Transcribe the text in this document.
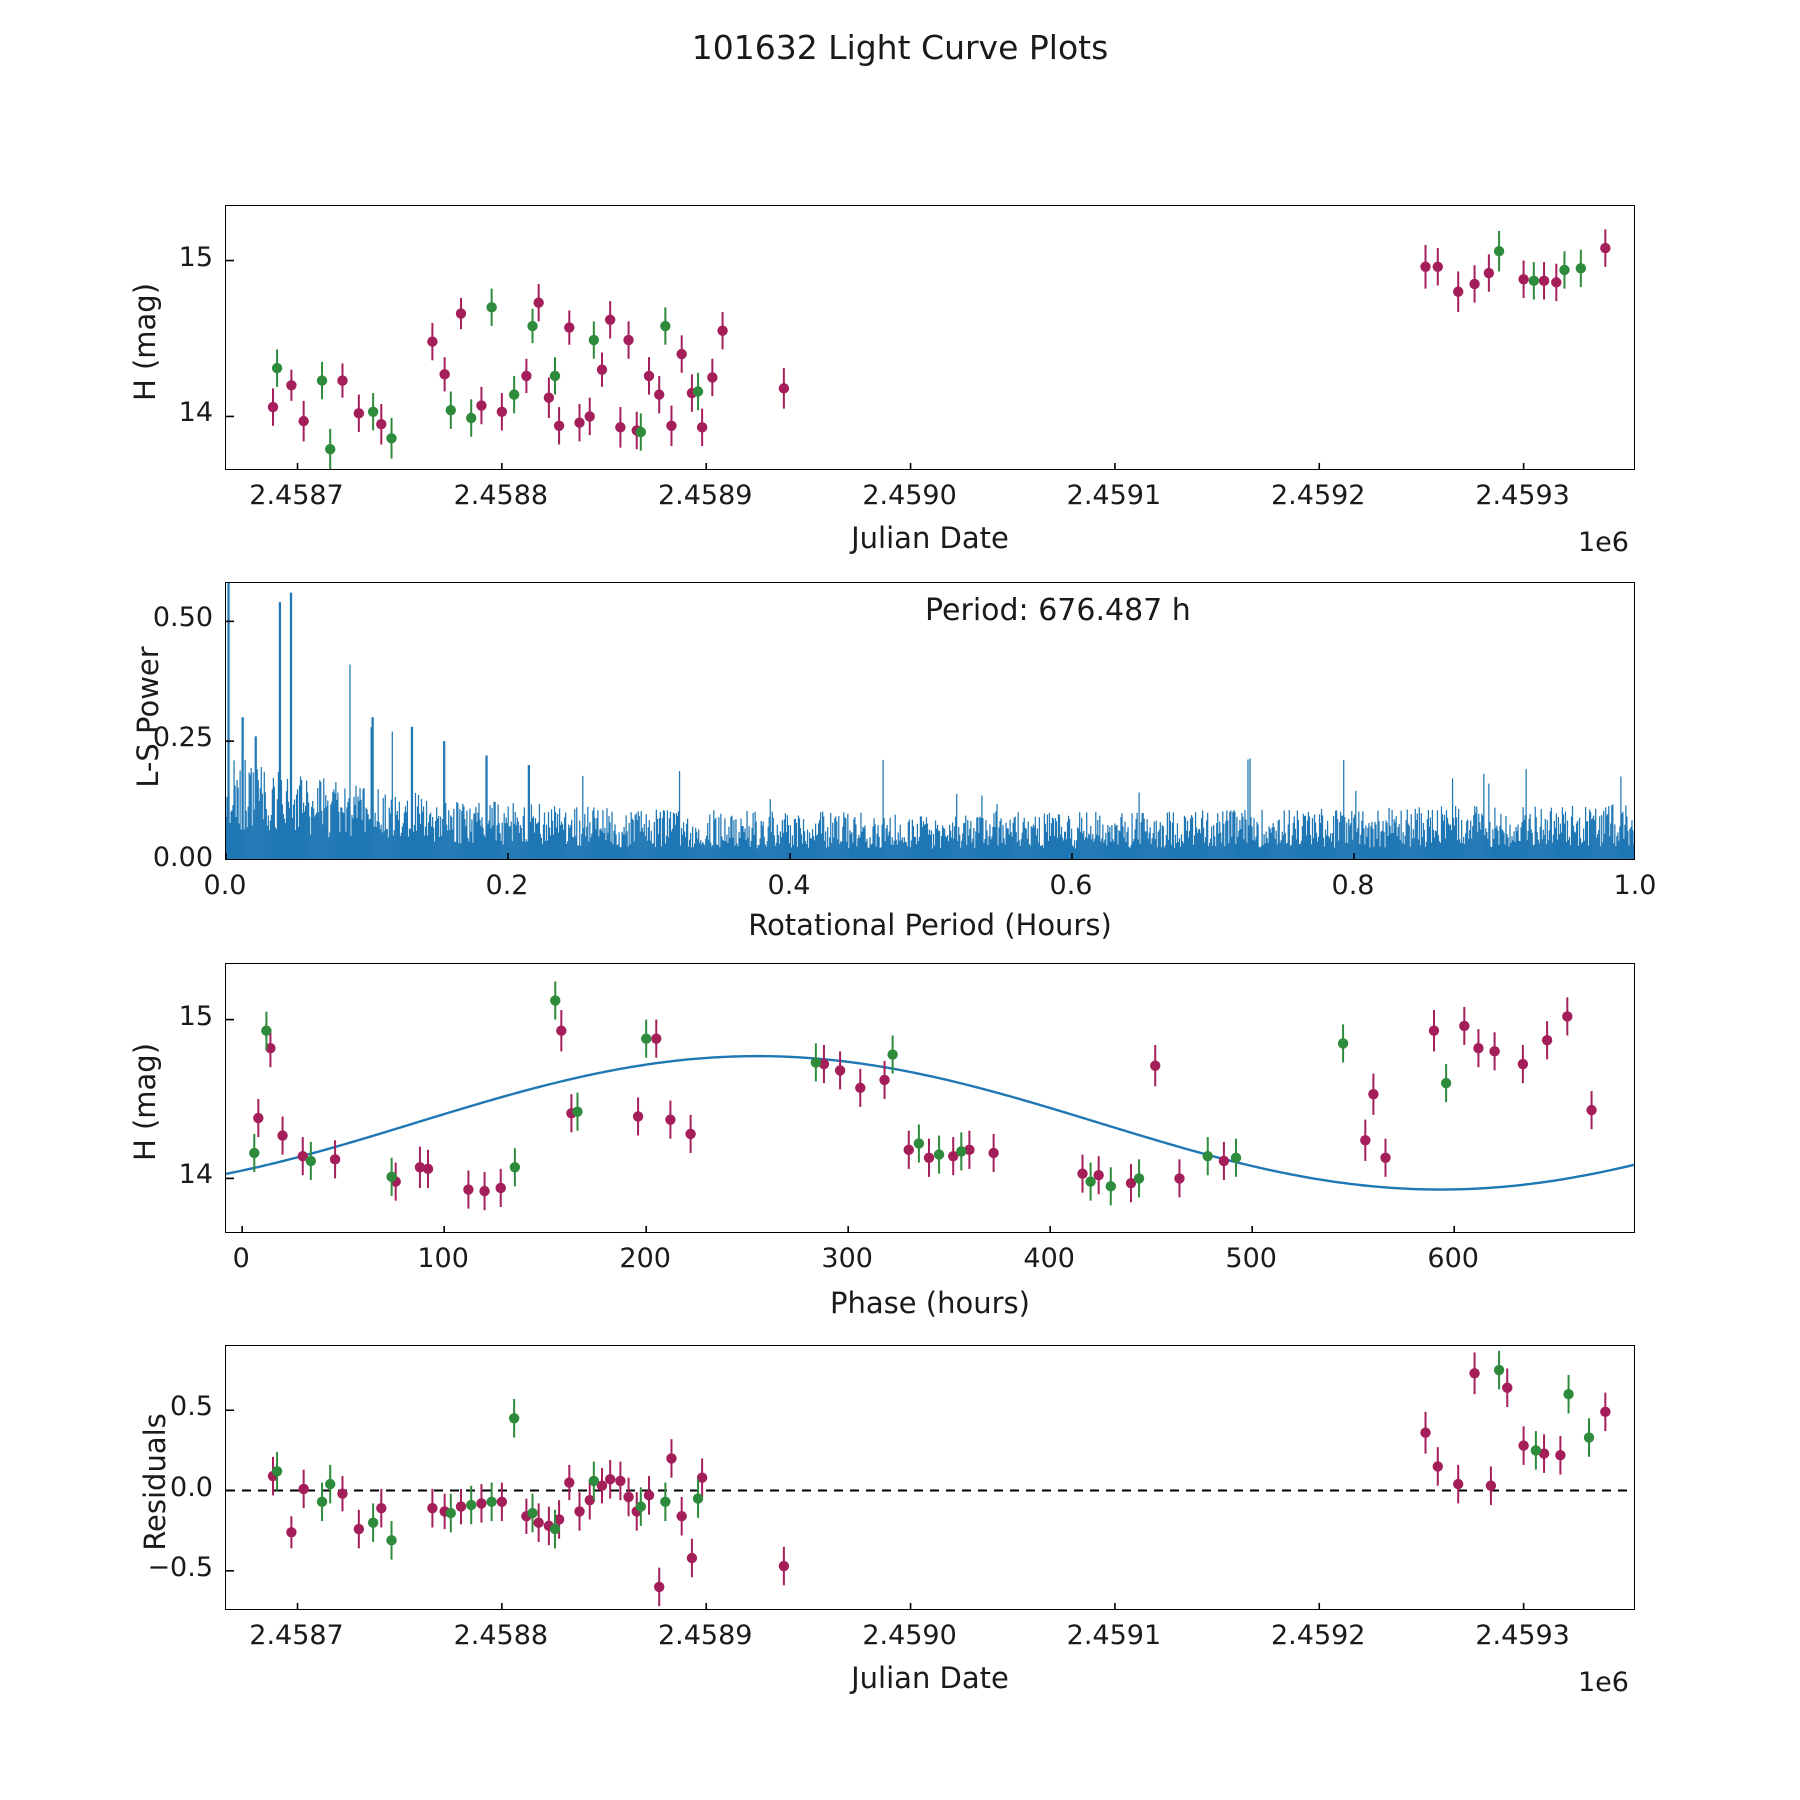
101632 Light Curve Plots
H (mag)
Julian Date	1e6
2.4587	2.4588	2.4589	2.4590	2.4591	2.4592	2.4593
15
14
L-S Power
Rotational Period (Hours)
Period: 676.487 h
0.0	0.2	0.4	0.6	0.8	1.0
0.00
0.25
0.50
H (mag)
Phase (hours)
0	100	200	300	400	500	600
15
14
Residuals
Julian Date	1e6
2.4587	2.4588	2.4589	2.4590	2.4591	2.4592	2.4593
0.5
0.0
−0.5
